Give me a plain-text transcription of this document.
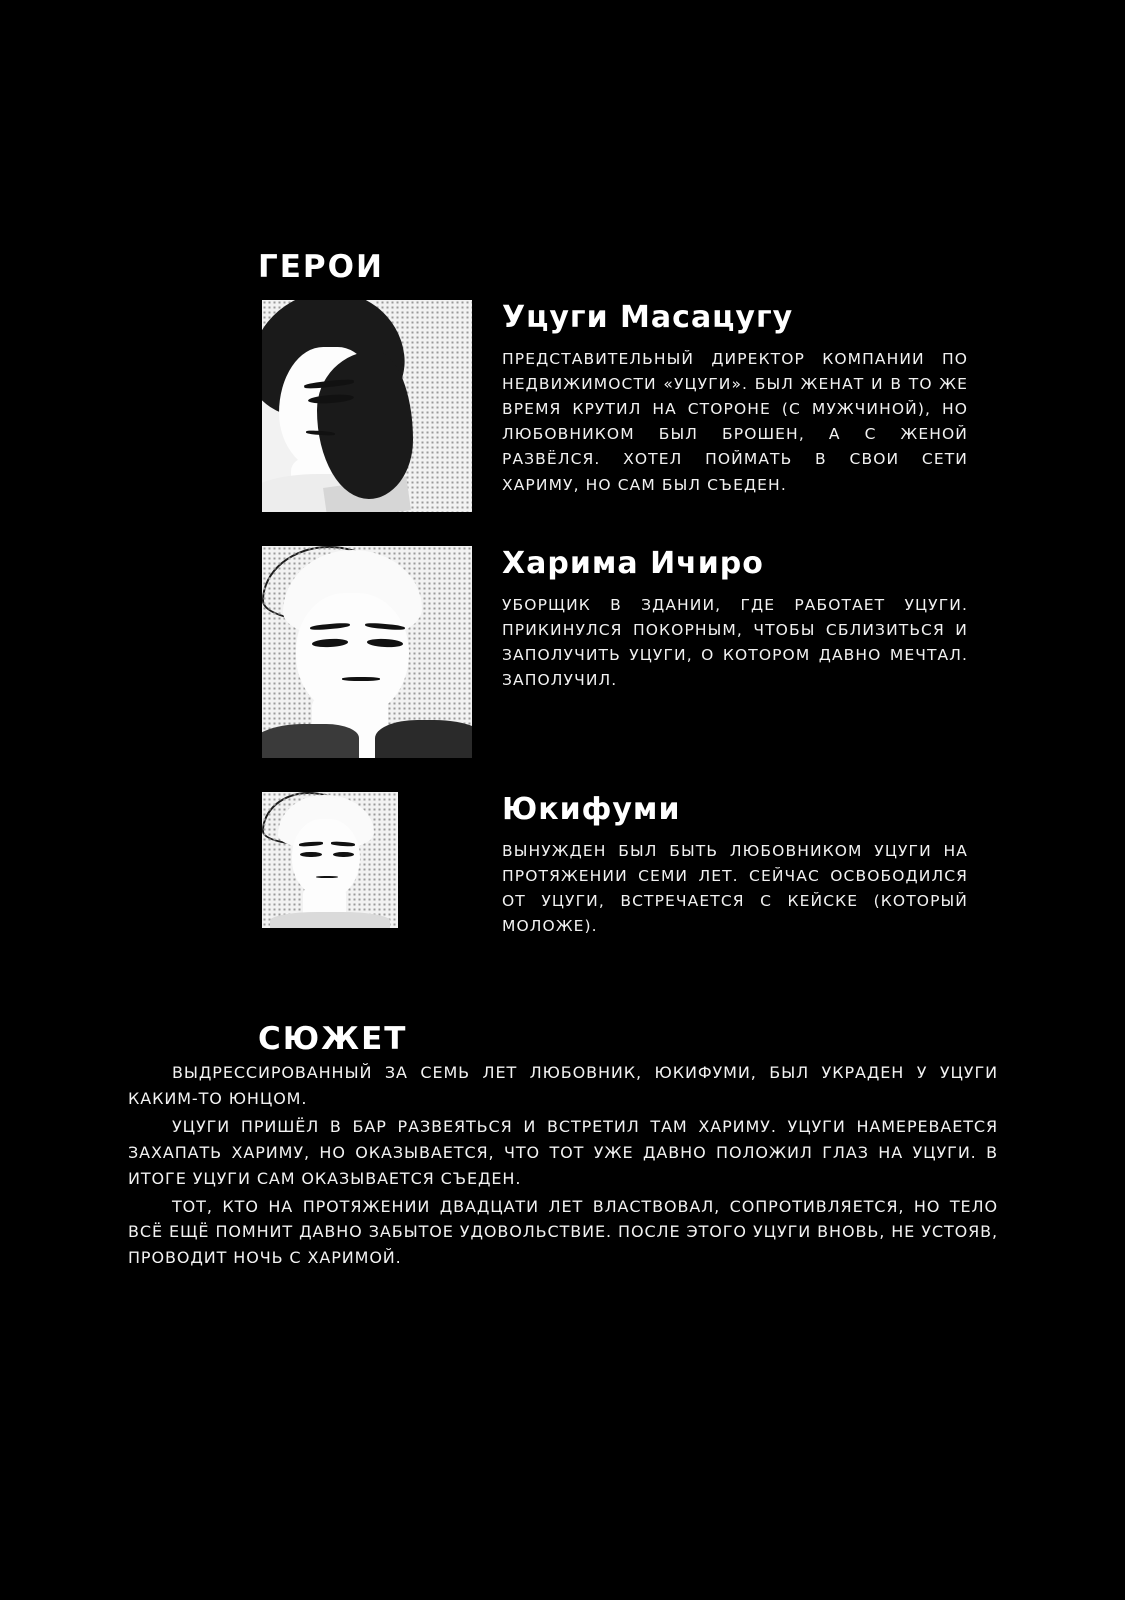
ГЕРОИ
Уцуги Масацугу

ПРЕДСТАВИТЕЛЬНЫЙ ДИРЕКТОР КОМПАНИИ ПО НЕДВИЖИМОСТИ «УЦУГИ». БЫЛ ЖЕНАТ И В ТО ЖЕ ВРЕМЯ КРУТИЛ НА СТОРОНЕ (С МУЖЧИНОЙ), НО ЛЮБОВНИКОМ БЫЛ БРОШЕН, А С ЖЕНОЙ РАЗВЁЛСЯ. ХОТЕЛ ПОЙМАТЬ В СВОИ СЕТИ ХАРИМУ, НО САМ БЫЛ СЪЕДЕН.

Харима Ичиро

УБОРЩИК В ЗДАНИИ, ГДЕ РАБОТАЕТ УЦУГИ. ПРИКИНУЛСЯ ПОКОРНЫМ, ЧТОБЫ СБЛИЗИТЬСЯ И ЗАПОЛУЧИТЬ УЦУГИ, О КОТОРОМ ДАВНО МЕЧТАЛ. ЗАПОЛУЧИЛ.

Юкифуми

ВЫНУЖДЕН БЫЛ БЫТЬ ЛЮБОВНИКОМ УЦУГИ НА ПРОТЯЖЕНИИ СЕМИ ЛЕТ. СЕЙЧАС ОСВОБОДИЛСЯ ОТ УЦУГИ, ВСТРЕЧАЕТСЯ С КЕЙСКЕ (КОТОРЫЙ МОЛОЖЕ).

СЮЖЕТ

ВЫДРЕССИРОВАННЫЙ ЗА СЕМЬ ЛЕТ ЛЮБОВНИК, ЮКИФУМИ, БЫЛ УКРАДЕН У УЦУГИ КАКИМ-ТО ЮНЦОМ.

УЦУГИ ПРИШЁЛ В БАР РАЗВЕЯТЬСЯ И ВСТРЕТИЛ ТАМ ХАРИМУ. УЦУГИ НАМЕРЕВАЕТСЯ ЗАХАПАТЬ ХАРИМУ, НО ОКАЗЫВАЕТСЯ, ЧТО ТОТ УЖЕ ДАВНО ПОЛОЖИЛ ГЛАЗ НА УЦУГИ. В ИТОГЕ УЦУГИ САМ ОКАЗЫВАЕТСЯ СЪЕДЕН.

ТОТ, КТО НА ПРОТЯЖЕНИИ ДВАДЦАТИ ЛЕТ ВЛАСТВОВАЛ, СОПРОТИВЛЯЕТСЯ, НО ТЕЛО ВСЁ ЕЩЁ ПОМНИТ ДАВНО ЗАБЫТОЕ УДОВОЛЬСТВИЕ. ПОСЛЕ ЭТОГО УЦУГИ ВНОВЬ, НЕ УСТОЯВ, ПРОВОДИТ НОЧЬ С ХАРИМОЙ.
